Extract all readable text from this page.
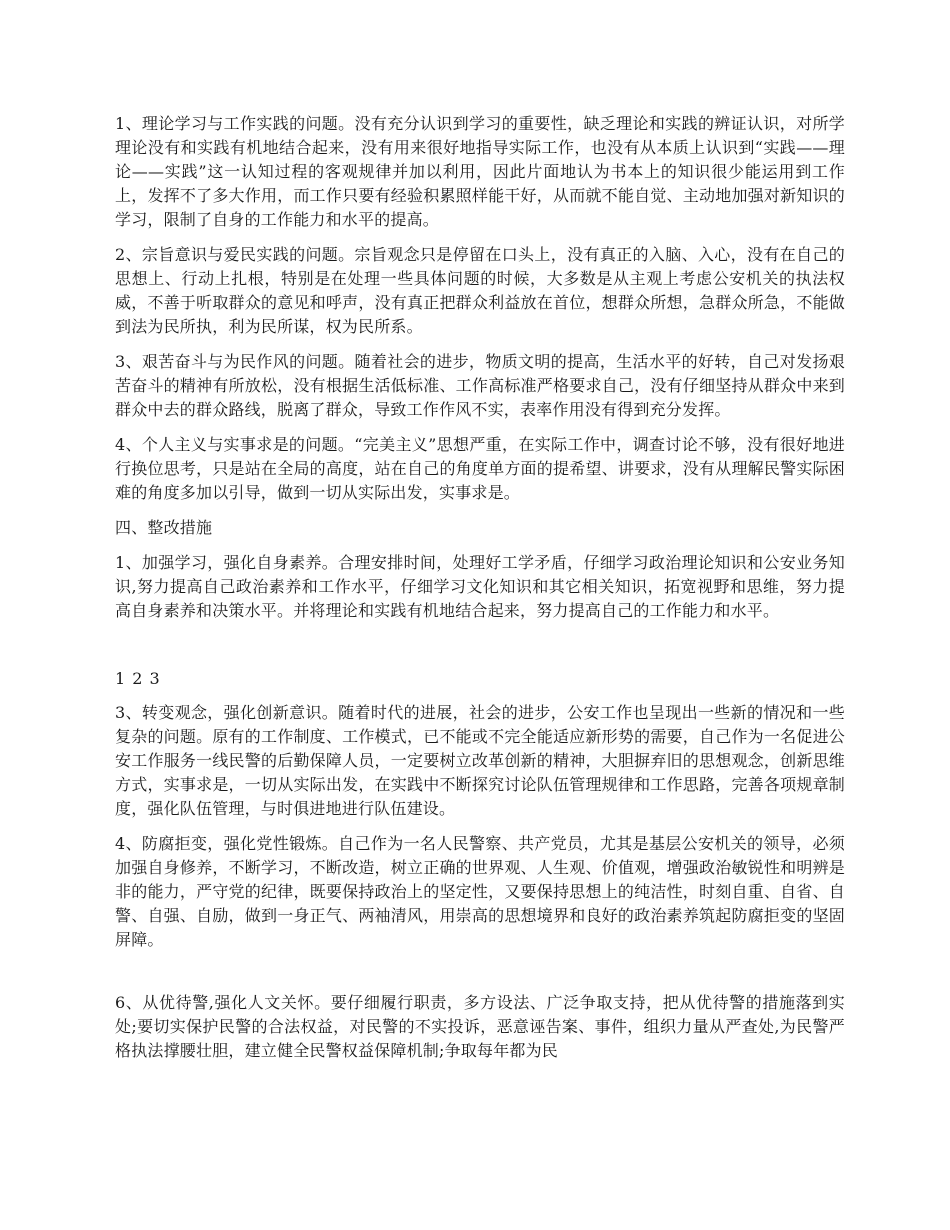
1、理论学习与工作实践的问题。没有充分认识到学习的重要性，缺乏理论和实践的辨证认识，对所学理论没有和实践有机地结合起来，没有用来很好地指导实际工作，也没有从本质上认识到“实践——理论——实践”这一认知过程的客观规律并加以利用，因此片面地认为书本上的知识很少能运用到工作上，发挥不了多大作用，而工作只要有经验积累照样能干好，从而就不能自觉、主动地加强对新知识的学习，限制了自身的工作能力和水平的提高。

2、宗旨意识与爱民实践的问题。宗旨观念只是停留在口头上，没有真正的入脑、入心，没有在自己的思想上、行动上扎根，特别是在处理一些具体问题的时候，大多数是从主观上考虑公安机关的执法权威，不善于听取群众的意见和呼声，没有真正把群众利益放在首位，想群众所想，急群众所急，不能做到法为民所执，利为民所谋，权为民所系。

3、艰苦奋斗与为民作风的问题。随着社会的进步，物质文明的提高，生活水平的好转，自己对发扬艰苦奋斗的精神有所放松，没有根据生活低标准、工作高标准严格要求自己，没有仔细坚持从群众中来到群众中去的群众路线，脱离了群众，导致工作作风不实，表率作用没有得到充分发挥。

4、个人主义与实事求是的问题。“完美主义”思想严重，在实际工作中，调查讨论不够，没有很好地进行换位思考，只是站在全局的高度，站在自己的角度单方面的提希望、讲要求，没有从理解民警实际困难的角度多加以引导，做到一切从实际出发，实事求是。

四、整改措施

1、加强学习，强化自身素养。合理安排时间，处理好工学矛盾，仔细学习政治理论知识和公安业务知识,努力提高自己政治素养和工作水平，仔细学习文化知识和其它相关知识，拓宽视野和思维，努力提高自身素养和决策水平。并将理论和实践有机地结合起来，努力提高自己的工作能力和水平。

1 2 3

3、转变观念，强化创新意识。随着时代的进展，社会的进步，公安工作也呈现出一些新的情况和一些复杂的问题。原有的工作制度、工作模式，已不能或不完全能适应新形势的需要，自己作为一名促进公安工作服务一线民警的后勤保障人员，一定要树立改革创新的精神，大胆摒弃旧的思想观念，创新思维方式，实事求是，一切从实际出发，在实践中不断探究讨论队伍管理规律和工作思路，完善各项规章制度，强化队伍管理，与时俱进地进行队伍建设。

4、防腐拒变，强化党性锻炼。自己作为一名人民警察、共产党员，尤其是基层公安机关的领导，必须加强自身修养，不断学习，不断改造，树立正确的世界观、人生观、价值观，增强政治敏锐性和明辨是非的能力，严守党的纪律，既要保持政治上的坚定性，又要保持思想上的纯洁性，时刻自重、自省、自警、自强、自励，做到一身正气、两袖清风，用崇高的思想境界和良好的政治素养筑起防腐拒变的坚固屏障。

6、从优待警,强化人文关怀。要仔细履行职责，多方设法、广泛争取支持，把从优待警的措施落到实处;要切实保护民警的合法权益，对民警的不实投诉，恶意诬告案、事件，组织力量从严查处,为民警严格执法撑腰壮胆，建立健全民警权益保障机制;争取每年都为民
